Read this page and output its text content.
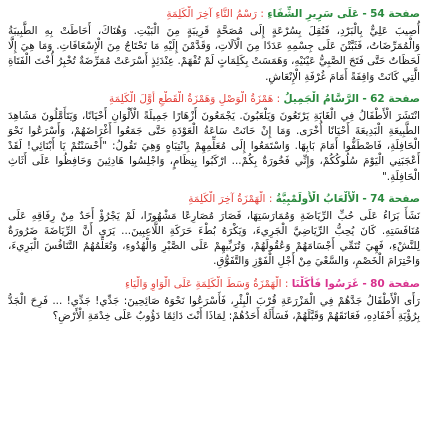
صفحة 54 - عَلَى سَرِيرِ الشِّفَاءِ : رَسْمُ التَّاءِ آخِرَ الْكَلِمَةِ

أُصِيبَ عَلِيٌّ بِالْبَرْدِ، فَنُقِلَ بِسُرْعَةٍ إِلَى مُصَحَّةٍ قَرِيبَةٍ مِنَ الْبَيْتِ. وَهُنَاكَ، أَحَاطَتْ بِهِ الطَّبِيبَةُ وَالْمُمَرِّضَاتُ، فَثَبَّتْنَ عَلَى جِسْمِهِ عَدَدًا مِنَ الْآلَاتِ، وَقَدَّمْنَ إِلَيْهِ مَا تَحْتَاجُ مِنَ الْإِسْعَافَاتِ. وَمَا هِيَ إِلَّا لَحَظَاتٌ حَتَّى فَتَحَ الصَّبِيُّ عَيْنَيْهِ، وَهَمَسَتْ بِكَلِمَاتٍ لَمْ تُفْهَمْ. عِنْدَئِذٍ أَسْرَعَتْ مُمَرِّضَةٌ تُخْبِرُ أُخْتَ الْفَتَاةِ الَّتِي كَانَتْ وَاقِفَةً أَمَامَ غُرْفَةِ الْإِنْعَاشِ.

صفحة 62 - الرَّسَّامُ الْجَمِيلُ : هَمْزَةُ الْوَصْلِ وَهَمْزَةُ الْقَطْعِ أَوَّلَ الْكَلِمَةِ

انْتَشَرَ الْأَطْفَالُ فِي الْغَابَةِ يَرْتَعُونَ وَيَلْعَبُونَ. يَجْمَعُونَ أَزْهَارًا جَمِيلَةً الْأَلْوَانِ أَحْيَانًا، وَيَتَأَمَّلُونَ مَشَاهِدَ الطَّبِيعَةِ الْبَدِيعَةَ أَحْيَانًا أُخْرَى. وَمَا إِنْ حَانَتْ سَاعَةُ الْعَوْدَةِ حَتَّى جَمَعُوا أَغْرَاضَهُمْ، وَأَسْرَعُوا نَحْوَ الْحَافِلَةِ، فَاصْطَفُّوا أَمَامَ بَابِهَا. وَاسْتَمَعُوا إِلَى مُعَلِّمِهِمْ بِانْتِبَاهٍ وَهِيَ تَقُولُ: "أَحْسَنْتُمْ يَا أَبْنَائِي! لَقَدْ أَعْجَبَنِي الْيَوْمَ سُلُوكُكُمْ، وَإِنِّي فَخُورَةٌ بِكُمْ... ارْكَبُوا بِنِظَامٍ، وَاجْلِسُوا هَادِئِينَ وَحَافِظُوا عَلَى أَثَاثِ الْحَافِلَةِ."

صفحة 74 - الْأَلْعَابُ الْأُولَمْبِيَّةُ : الْهَمْزَةُ آخِرَ الْكَلِمَةِ

نَشَأَ بَرَاءُ عَلَى حُبِّ الرِّيَاضَةِ وَمُمَارَسَتِهَا، فَصَارَ مُصَارِعًا مَشْهُورًا، لَمْ يَجْرُؤْ أَحَدٌ مِنْ رِفَاقِهِ عَلَى مُنَافَسَتِهِ. كَانَ يُحِبُّ الرِّيَاضِيَّ الْجَرِيءَ، وَيَكْرَهُ بُطْءَ حَرَكَةِ اللَّاعِبِينَ... يَرَى أَنَّ الرِّيَاضَةَ ضَرُورَةٌ لِلنَّشْءِ، فَهِيَ تُنَمِّي أَجْسَامَهُمْ وَعُقُولَهُمْ، وَتُرَبِّيهِمْ عَلَى الصَّبْرِ وَالْهُدُوءِ، وَتُعَلِّمُهُمُ التَّنَافُسَ الْبَرِيءَ، وَاحْتِرَامَ الْخَصْمِ، وَالسَّعْيَ مِنْ أَجْلِ الْفَوْزِ وَالتَّفَوُّقِ.

صفحة 80 - غَرَسُوا فَأَكَلْنَا : الْهَمْزَةُ وَسَطَ الْكَلِمَةِ عَلَى الْوَاوِ وَالْيَاءِ

رَأَى الْأَطْفَالُ جَدَّهُمْ فِي الْمَزْرَعَةِ قُرْبَ الْبِئْرِ، فَأَسْرَعُوا نَحْوَهُ صَائِحِينَ: جَدِّي! جَدِّي! ... فَرِحَ الْجَدُّ بِرُؤْيَةِ أَحْفَادِهِ، فَعَانَقَهُمْ وَقَبَّلَهُمْ، فَسَأَلَهُ أَحَدُهُمْ: لِمَاذَا أَنْتَ دَائِمًا دَؤُوبٌ عَلَى خِدْمَةِ الْأَرْضِ؟
